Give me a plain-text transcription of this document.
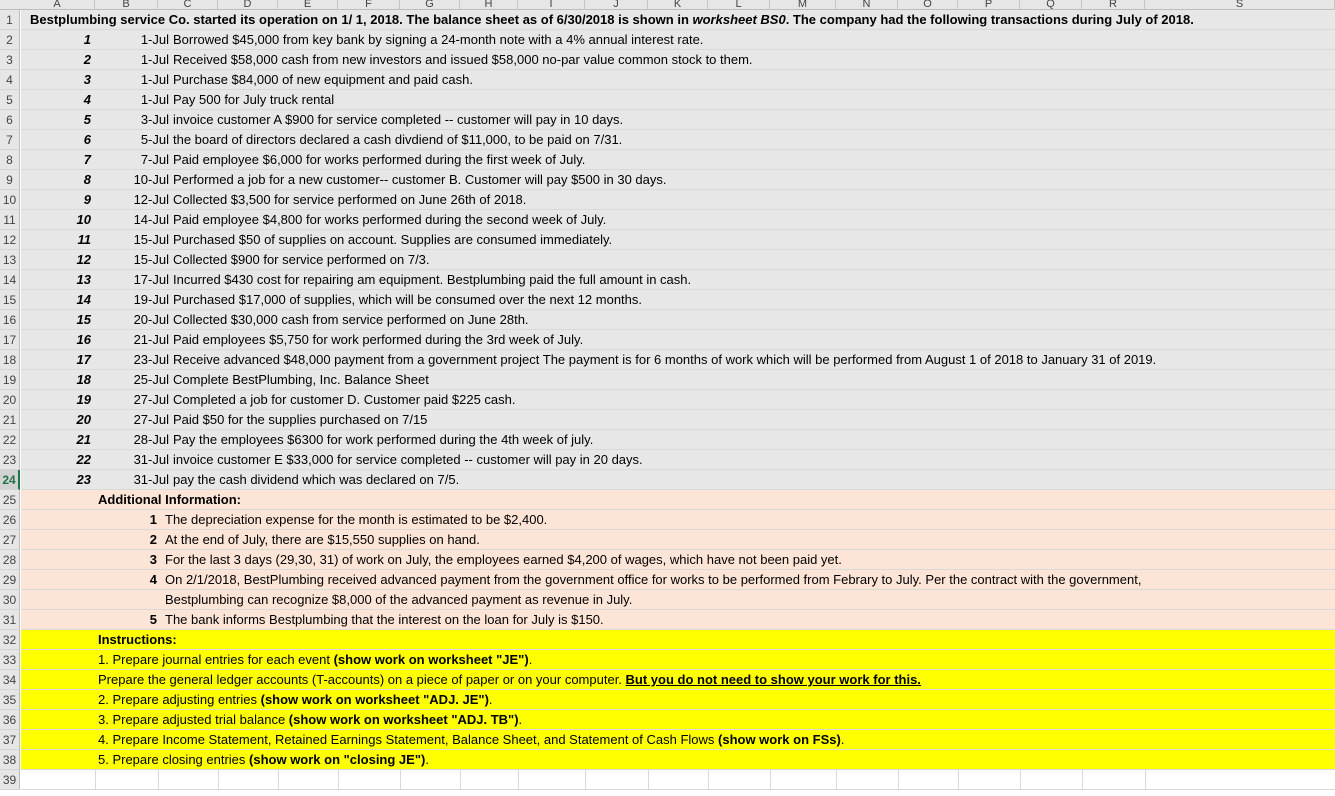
A	B	C	D	E	F	G	H	I	J	K	L	M	N	O	P	Q	R	S
1	Bestplumbing service Co. started its operation on 1/ 1, 2018. The balance sheet as of 6/30/2018 is shown in worksheet BS0. The company had the following transactions during July of 2018.
2	1	1-Jul Borrowed $45,000 from key bank by signing a 24-month note with a 4% annual interest rate.
3	2	1-Jul Received $58,000 cash from new investors and issued $58,000 no-par value common stock to them.
4	3	1-Jul Purchase $84,000 of new equipment and paid cash.
5	4	1-Jul Pay 500 for July truck rental
6	5	3-Jul invoice customer A $900 for service completed -- customer will pay in 10 days.
7	6	5-Jul the board of directors declared a cash divdiend of $11,000, to be paid on 7/31.
8	7	7-Jul Paid employee $6,000 for works performed during the first week of July.
9	8	10-Jul Performed a job for a new customer-- customer B. Customer will pay $500 in 30 days.
10	9	12-Jul Collected $3,500 for service performed on June 26th of 2018.
11	10	14-Jul Paid employee $4,800 for works performed during the second week of July.
12	11	15-Jul Purchased $50 of supplies on account. Supplies are consumed immediately.
13	12	15-Jul Collected $900 for service performed on 7/3.
14	13	17-Jul Incurred $430 cost for repairing am equipment. Bestplumbing paid the full amount in cash.
15	14	19-Jul Purchased $17,000 of supplies, which will be consumed over the next 12 months.
16	15	20-Jul Collected $30,000 cash from service performed on June 28th.
17	16	21-Jul Paid employees $5,750 for work performed during the 3rd week of July.
18	17	23-Jul Receive advanced $48,000 payment from a government project The payment is for 6 months of work which will be performed from August 1 of 2018 to January 31 of 2019.
19	18	25-Jul Complete BestPlumbing, Inc. Balance Sheet
20	19	27-Jul Completed a job for customer D. Customer paid $225 cash.
21	20	27-Jul Paid $50 for the supplies purchased on 7/15
22	21	28-Jul Pay the employees $6300 for work performed during the 4th week of july.
23	22	31-Jul invoice customer E $33,000 for service completed -- customer will pay in 20 days.
24	23	31-Jul pay the cash dividend which was declared on 7/5.
25	Additional Information:
26	1 The depreciation expense for the month is estimated to be $2,400.
27	2 At the end of July, there are $15,550 supplies on hand.
28	3 For the last 3 days (29,30, 31) of work on July, the employees earned $4,200 of wages, which have not been paid yet.
29	4 On 2/1/2018, BestPlumbing received advanced payment from the government office for works to be performed from Febrary to July. Per the contract with the government,
30	Bestplumbing can recognize $8,000 of the advanced payment as revenue in July.
31	5 The bank informs Bestplumbing that the interest on the loan for July is $150.
32	Instructions:
33	1. Prepare journal entries for each event (show work on worksheet "JE").
34	Prepare the general ledger accounts (T-accounts) on a piece of paper or on your computer. But you do not need to show your work for this.
35	2. Prepare adjusting entries (show work on worksheet "ADJ. JE").
36	3. Prepare adjusted trial balance (show work on worksheet "ADJ. TB").
37	4. Prepare Income Statement, Retained Earnings Statement, Balance Sheet, and Statement of Cash Flows (show work on FSs).
38	5. Prepare closing entries (show work on "closing JE").
39
